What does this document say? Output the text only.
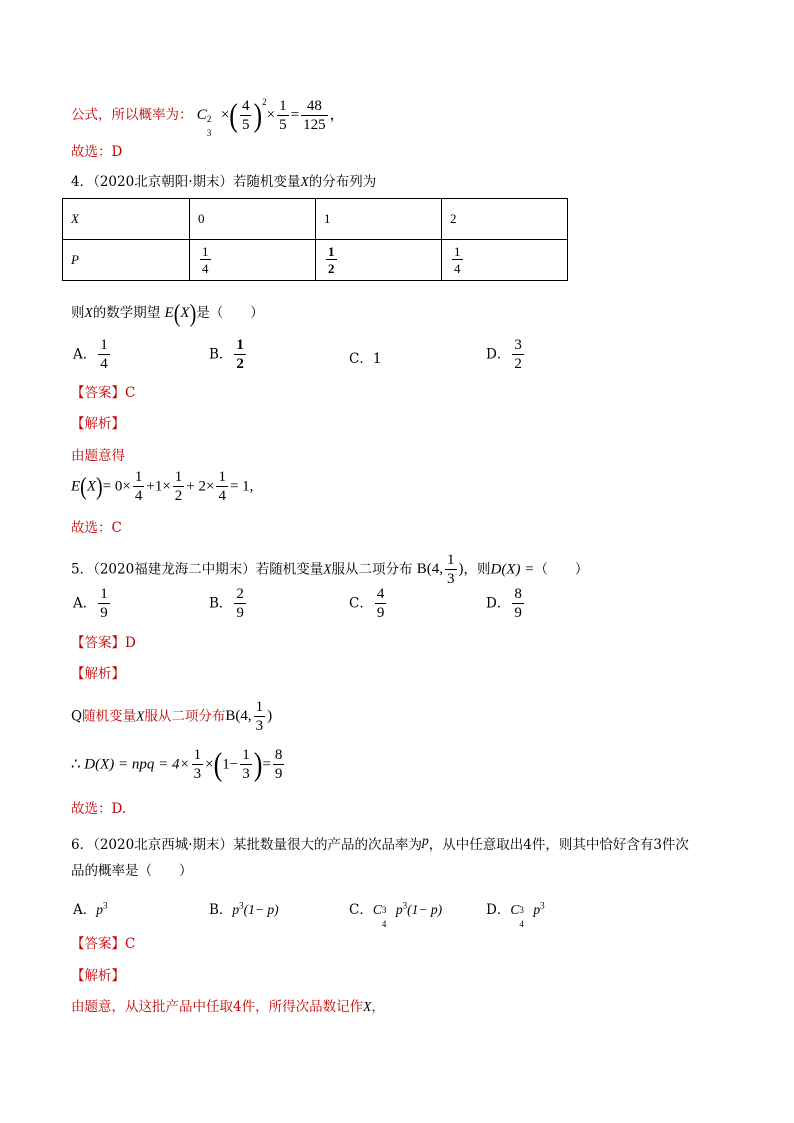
公式，所以概率为： C 2
3
×( $\frac{4}{5} )^2\times \frac{1}{5} = \frac{48}{125}$ ，
故选：D
4．（2020北京朝阳·期末）若随机变量X的分布列为
X	0	1	2
P	$\frac{1}{4}$	$\frac{1}{2}$	$\frac{1}{4}$
则X的数学期望 E(X)是（　　）
A． $\frac{1}{4}$	B． $\frac{1}{2}$	C．1	D． $\frac{3}{2}$
【答案】C
【解析】
由题意得
$E(X)= 0\times \frac{1}{4} +1\times \frac{1}{2} + 2\times \frac{1}{4} = 1$,
故选：C
5．（2020福建龙海二中期末）若随机变量X服从二项分布 B(4, $\frac{1}{3}$ )，则D(X) =（　　）
A． $\frac{1}{9}$	B． $\frac{2}{9}$	C． $\frac{4}{9}$	D． $\frac{8}{9}$
【答案】D
【解析】
Q随机变量X服从二项分布B(4, $\frac{1}{3}$ )
∴ D(X) = npq = $4\times \frac{1}{3} \times(1- \frac{1}{3}$ )= $\frac{8}{9}$
故选：D.
6．（2020北京西城·期末）某批数量很大的产品的次品率为p，从中任意取出4件，则其中恰好含有3件次
品的概率是（　　）
A．$p^3$	B．$p^3(1- p)$	C．C 3
4
$p^3(1- p)$	D．C 3
4
$p^3$
【答案】C
【解析】
由题意，从这批产品中任取4件，所得次品数记作X，
